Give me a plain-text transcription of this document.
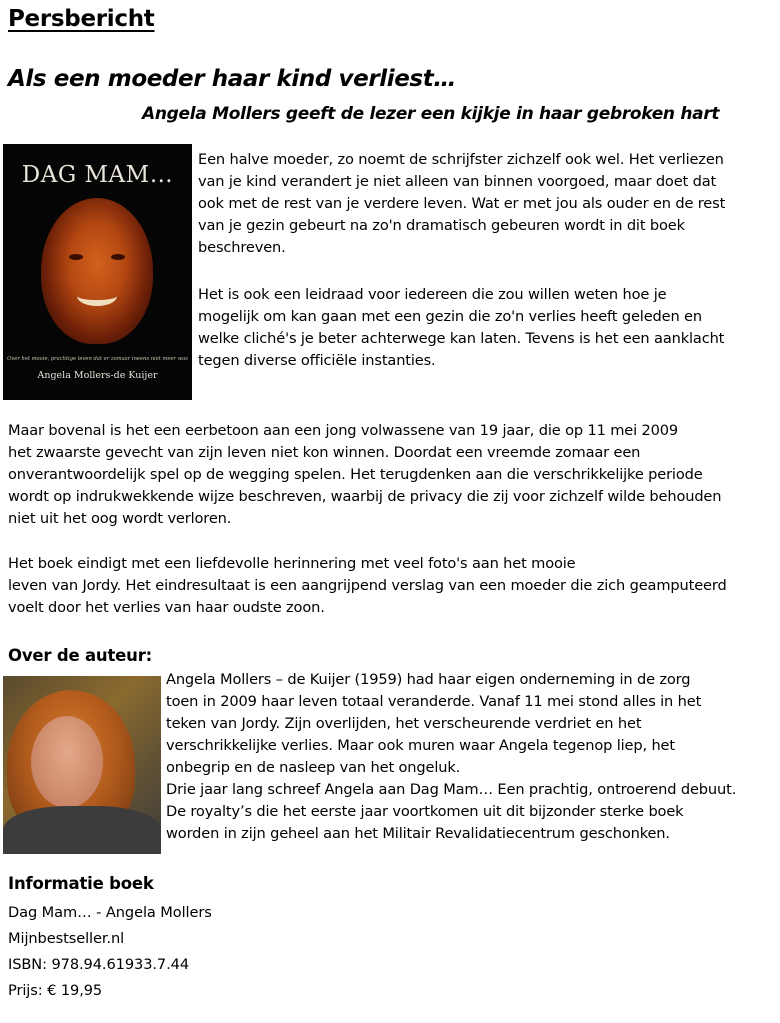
Persbericht
Als een moeder haar kind verliest…
Angela Mollers geeft de lezer een kijkje in haar gebroken hart
DAG MAM…
Over het mooie, prachtige leven dat er zomaar ineens niet meer was
Angela Mollers-de Kuijer
Een halve moeder, zo noemt de schrijfster zichzelf ook wel. Het verliezen
van je kind verandert je niet alleen van binnen voorgoed, maar doet dat
ook met de rest van je verdere leven. Wat er met jou als ouder en de rest
van je gezin gebeurt na zo'n dramatisch gebeuren wordt in dit boek
beschreven.
Het is ook een leidraad voor iedereen die zou willen weten hoe je
mogelijk om kan gaan met een gezin die zo'n verlies heeft geleden en
welke cliché's je beter achterwege kan laten. Tevens is het een aanklacht
tegen diverse officiële instanties.
Maar bovenal is het een eerbetoon aan een jong volwassene van 19 jaar, die op 11 mei 2009
het zwaarste gevecht van zijn leven niet kon winnen. Doordat een vreemde zomaar een
onverantwoordelijk spel op de wegging spelen. Het terugdenken aan die verschrikkelijke periode
wordt op indrukwekkende wijze beschreven, waarbij de privacy die zij voor zichzelf wilde behouden
niet uit het oog wordt verloren.
Het boek eindigt met een liefdevolle herinnering met veel foto's aan het mooie
leven van Jordy. Het eindresultaat is een aangrijpend verslag van een moeder die zich geamputeerd
voelt door het verlies van haar oudste zoon.
Over de auteur:
Angela Mollers – de Kuijer (1959) had haar eigen onderneming in de zorg
toen in 2009 haar leven totaal veranderde. Vanaf 11 mei stond alles in het
teken van Jordy. Zijn overlijden, het verscheurende verdriet en het
verschrikkelijke verlies. Maar ook muren waar Angela tegenop liep, het
onbegrip en de nasleep van het ongeluk.
Drie jaar lang schreef Angela aan Dag Mam… Een prachtig, ontroerend debuut.
De royalty’s die het eerste jaar voortkomen uit dit bijzonder sterke boek
worden in zijn geheel aan het Militair Revalidatiecentrum geschonken.
Informatie boek
Dag Mam… - Angela Mollers
Mijnbestseller.nl
ISBN: 978.94.61933.7.44
Prijs: € 19,95
